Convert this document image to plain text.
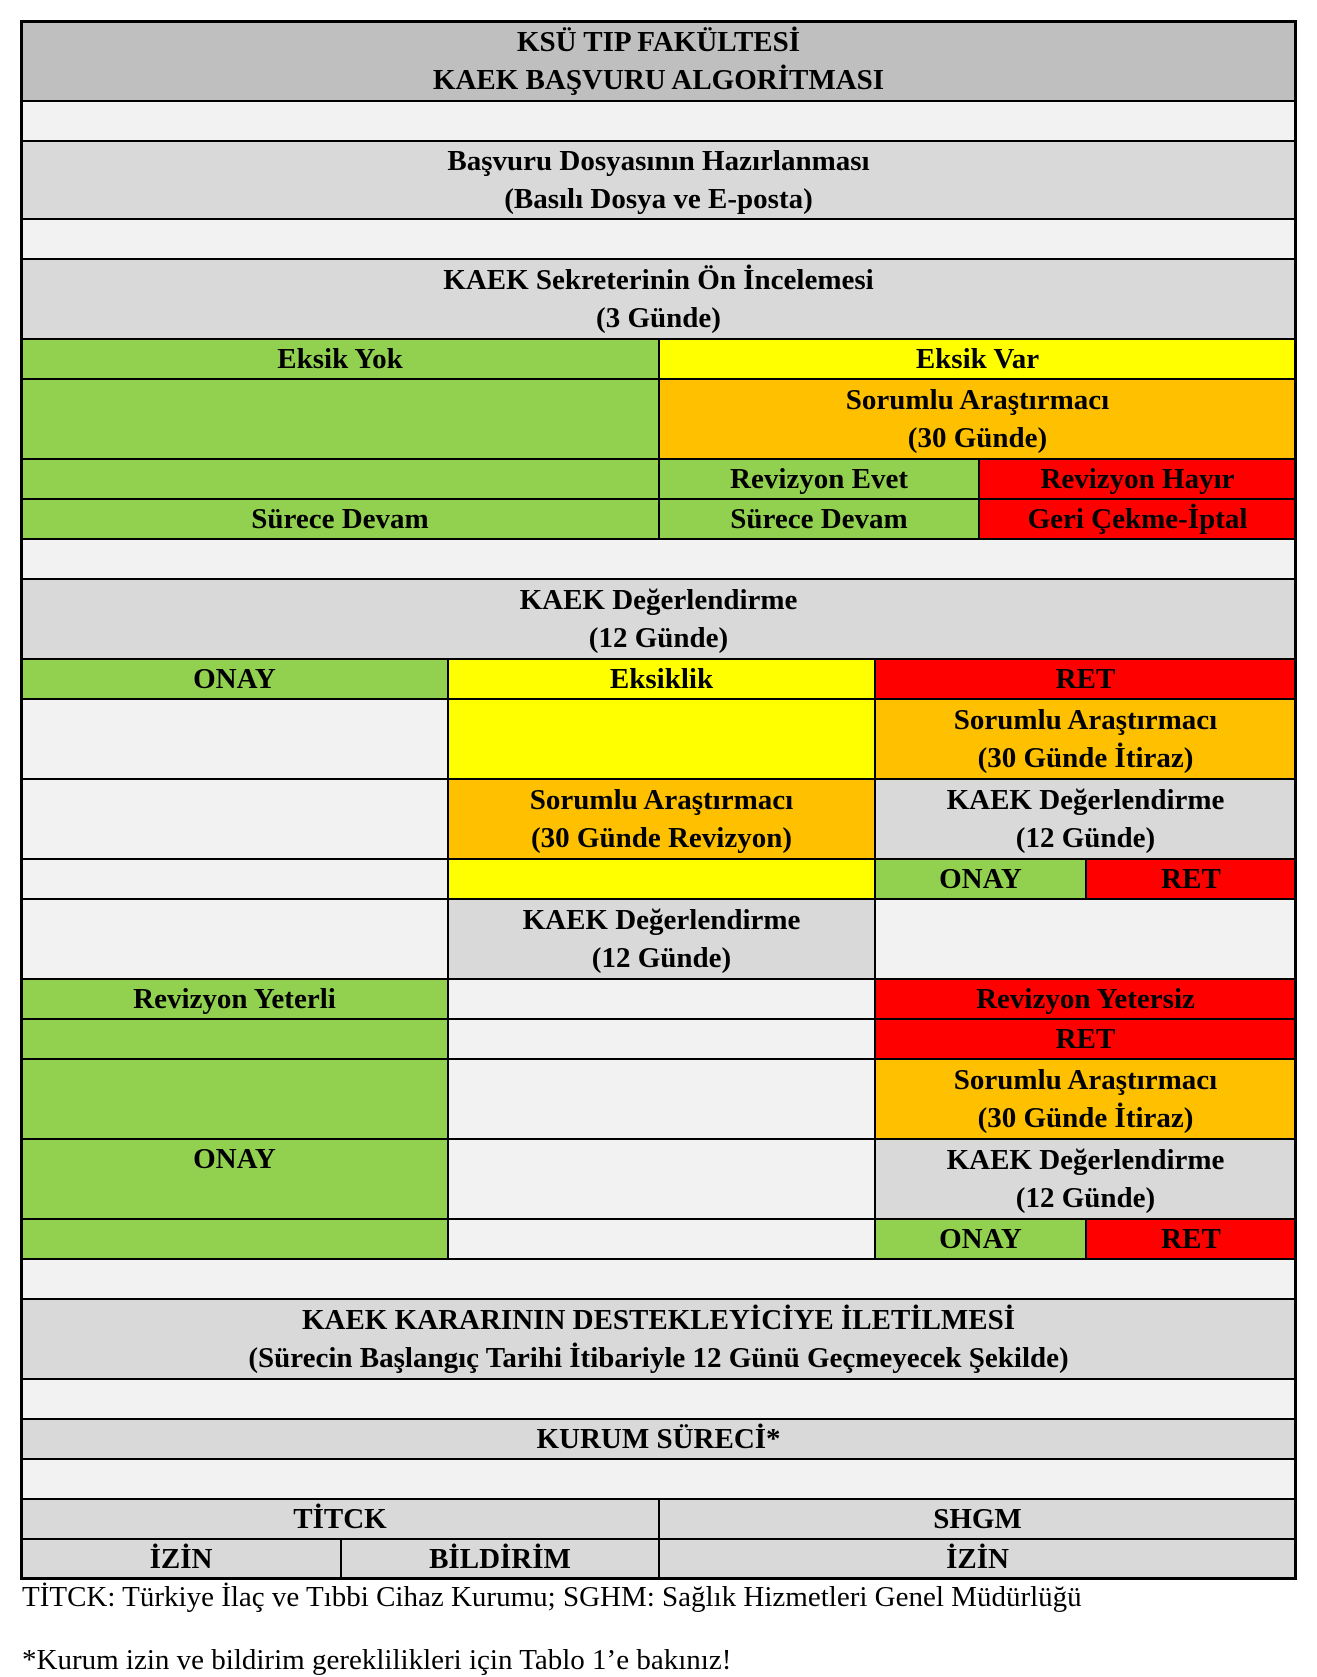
KSÜ TIP FAKÜLTESİ
KAEK BAŞVURU ALGORİTMASI
Başvuru Dosyasının Hazırlanması
(Basılı Dosya ve E-posta)
KAEK Sekreterinin Ön İncelemesi
(3 Günde)
Eksik Yok	Eksik Var
Sorumlu Araştırmacı
(30 Günde)
Revizyon Evet	Revizyon Hayır
Sürece Devam	Sürece Devam	Geri Çekme-İptal
KAEK Değerlendirme
(12 Günde)
ONAY	Eksiklik	RET
Sorumlu Araştırmacı
(30 Günde İtiraz)
Sorumlu Araştırmacı
(30 Günde Revizyon)
KAEK Değerlendirme
(12 Günde)
ONAY	RET
KAEK Değerlendirme
(12 Günde)
Revizyon Yeterli	Revizyon Yetersiz
RET
Sorumlu Araştırmacı
(30 Günde İtiraz)
ONAY	KAEK Değerlendirme
(12 Günde)
ONAY	RET
KAEK KARARININ DESTEKLEYİCİYE İLETİLMESİ
(Sürecin Başlangıç Tarihi İtibariyle 12 Günü Geçmeyecek Şekilde)
KURUM SÜRECİ*
TİTCK	SHGM
İZİN	BİLDİRİM	İZİN
TİTCK: Türkiye İlaç ve Tıbbi Cihaz Kurumu; SGHM: Sağlık Hizmetleri Genel Müdürlüğü
*Kurum izin ve bildirim gereklilikleri için Tablo 1’e bakınız!
